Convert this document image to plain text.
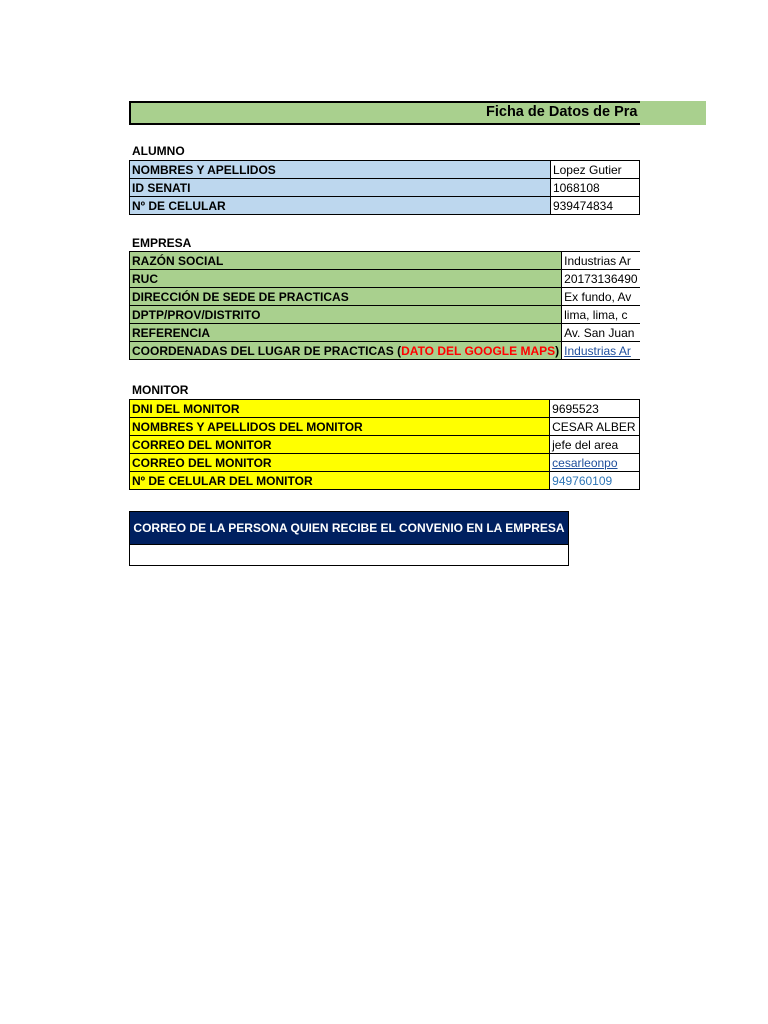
Ficha de Datos de Pra
ALUMNO
NOMBRES Y APELLIDOS	Lopez Gutier
ID SENATI	1068108
Nº DE CELULAR	939474834
EMPRESA
RAZÓN SOCIAL	Industrias Ar
RUC	20173136490
DIRECCIÓN DE SEDE DE PRACTICAS	Ex fundo, Av
DPTP/PROV/DISTRITO	lima, lima, c
REFERENCIA	Av. San Juan
COORDENADAS DEL LUGAR DE PRACTICAS (DATO DEL GOOGLE MAPS)	Industrias Ar
MONITOR
DNI DEL MONITOR	9695523
NOMBRES Y APELLIDOS DEL MONITOR	CESAR ALBER
CORREO DEL MONITOR	jefe del area
CORREO DEL MONITOR	cesarleonpo
Nº DE CELULAR DEL MONITOR	949760109
CORREO DE LA PERSONA QUIEN RECIBE EL CONVENIO EN LA EMPRESA
